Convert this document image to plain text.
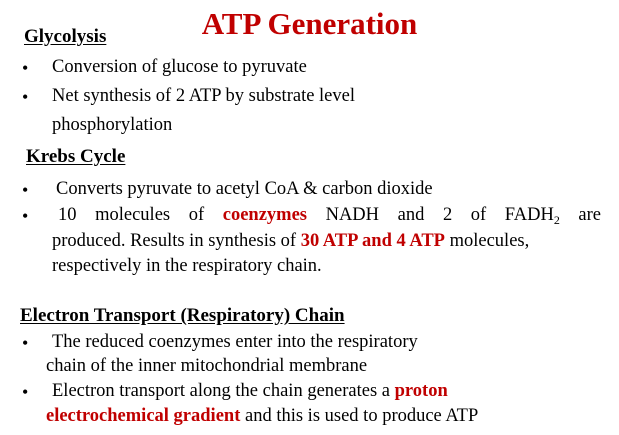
ATP Generation
Glycolysis
• Conversion of glucose to pyruvate
• Net synthesis of 2 ATP by substrate level
phosphorylation
Krebs Cycle
• Converts pyruvate to acetyl CoA & carbon dioxide
• 10 molecules of coenzymes NADH and 2 of $FADH_2$ are
produced. Results in synthesis of 30 ATP and 4 ATP molecules,
respectively in the respiratory chain.
Electron Transport (Respiratory) Chain
• The reduced coenzymes enter into the respiratory
chain of the inner mitochondrial membrane
• Electron transport along the chain generates a proton
electrochemical gradient and this is used to produce ATP
